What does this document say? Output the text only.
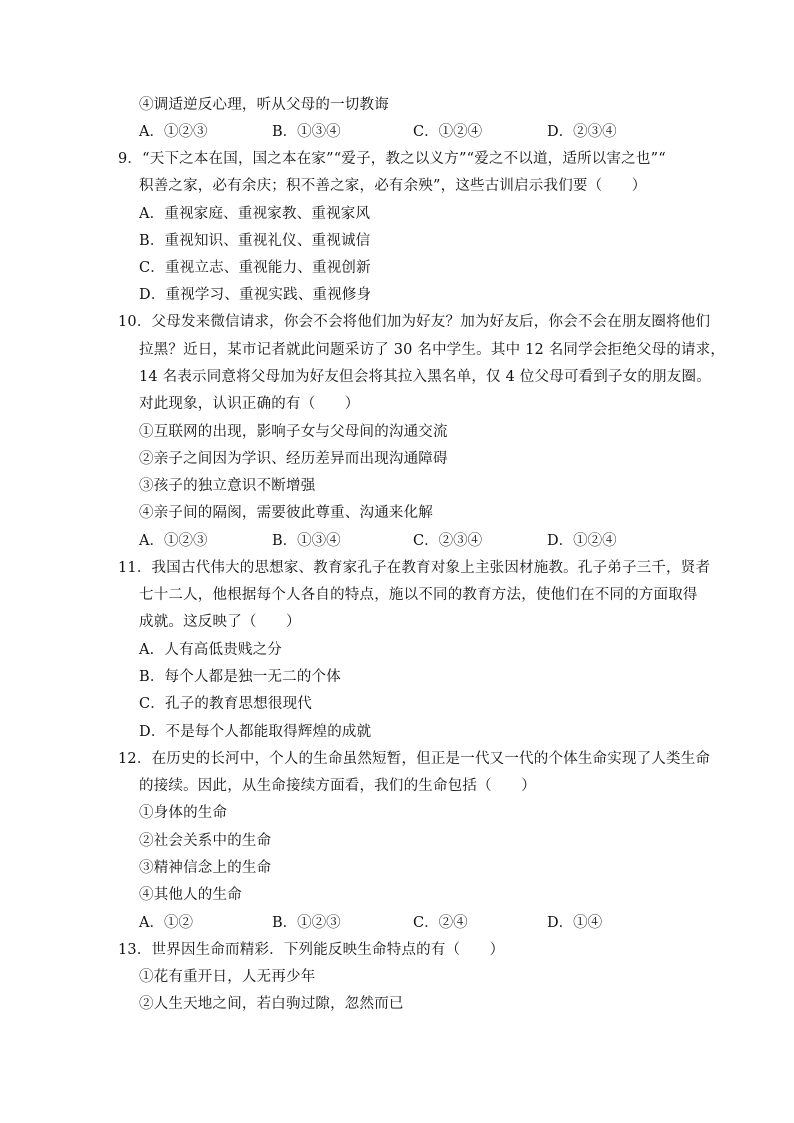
④调适逆反心理，听从父母的一切教诲
A．①②③	B．①③④	C．①②④	D．②③④
9．“天下之本在国，国之本在家”“爱子，教之以义方”“爱之不以道，适所以害之也”“
积善之家，必有余庆；积不善之家，必有余殃”，这些古训启示我们要（　　）
A．重视家庭、重视家教、重视家风
B．重视知识、重视礼仪、重视诚信
C．重视立志、重视能力、重视创新
D．重视学习、重视实践、重视修身
10．父母发来微信请求，你会不会将他们加为好友？加为好友后，你会不会在朋友圈将他们
拉黑？近日，某市记者就此问题采访了 30 名中学生。其中 12 名同学会拒绝父母的请求，
14 名表示同意将父母加为好友但会将其拉入黑名单，仅 4 位父母可看到子女的朋友圈。
对此现象，认识正确的有（　　）
①互联网的出现，影响子女与父母间的沟通交流
②亲子之间因为学识、经历差异而出现沟通障碍
③孩子的独立意识不断增强
④亲子间的隔阂，需要彼此尊重、沟通来化解
A．①②③	B．①③④	C．②③④	D．①②④
11．我国古代伟大的思想家、教育家孔子在教育对象上主张因材施教。孔子弟子三千，贤者
七十二人，他根据每个人各自的特点，施以不同的教育方法，使他们在不同的方面取得
成就。这反映了（　　）
A．人有高低贵贱之分
B．每个人都是独一无二的个体
C．孔子的教育思想很现代
D．不是每个人都能取得辉煌的成就
12．在历史的长河中，个人的生命虽然短暂，但正是一代又一代的个体生命实现了人类生命
的接续。因此，从生命接续方面看，我们的生命包括（　　）
①身体的生命
②社会关系中的生命
③精神信念上的生命
④其他人的生命
A．①②	B．①②③	C．②④	D．①④
13．世界因生命而精彩．下列能反映生命特点的有（　　）
①花有重开日，人无再少年
②人生天地之间，若白驹过隙，忽然而已
